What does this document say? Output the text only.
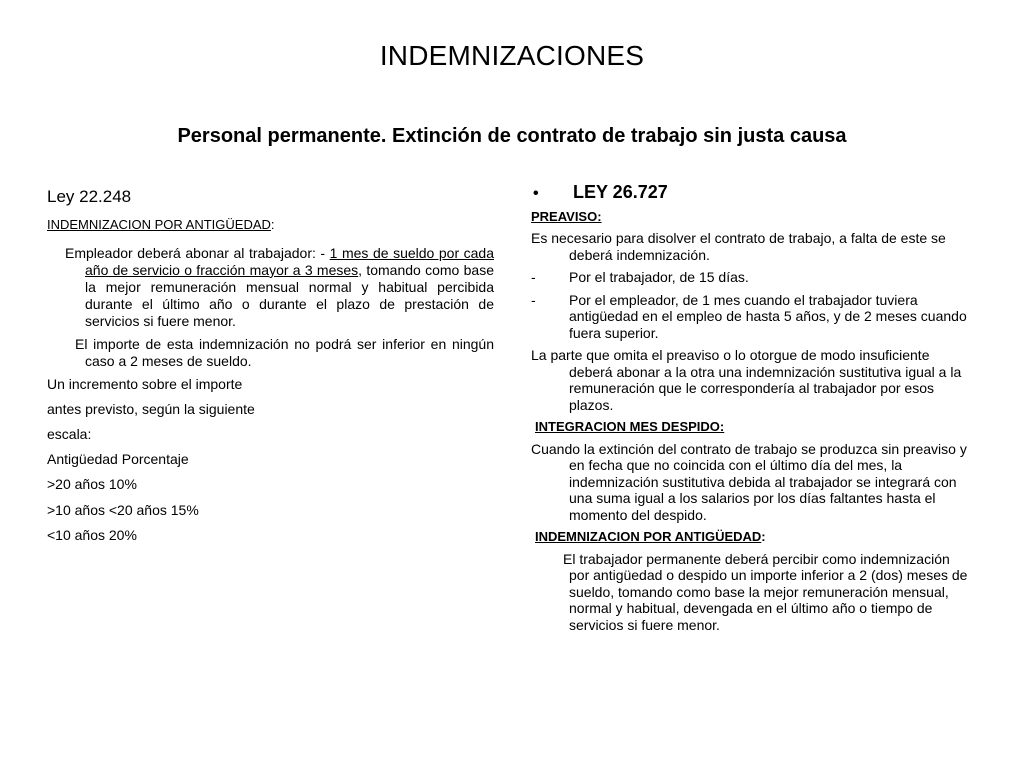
INDEMNIZACIONES
Personal permanente. Extinción de contrato de trabajo sin justa causa

Ley 22.248

INDEMNIZACION POR ANTIGÜEDAD:

Empleador deberá abonar al trabajador: - 1 mes de sueldo por cada año de servicio o fracción mayor a 3 meses, tomando como base la mejor remuneración mensual normal y habitual percibida durante el último año o durante el plazo de prestación de servicios si fuere menor.

El importe de esta indemnización no podrá ser inferior en ningún caso a 2 meses de sueldo.

Un incremento sobre el importe

antes previsto, según la siguiente

escala:

Antigüedad Porcentaje

>20 años 10%

>10 años <20 años 15%

<10 años 20%

•	LEY 26.727

PREAVISO:

Es necesario para disolver el contrato de trabajo, a falta de este se deberá indemnización.

-	Por el trabajador, de 15 días.
-	Por el empleador, de 1 mes cuando el trabajador tuviera antigüedad en el empleo de hasta 5 años, y de 2 meses cuando fuera superior.

La parte que omita el preaviso o lo otorgue de modo insuficiente deberá abonar a la otra una indemnización sustitutiva igual a la remuneración que le correspondería al trabajador por esos plazos.

INTEGRACION MES DESPIDO:

Cuando la extinción del contrato de trabajo se produzca sin preaviso y en fecha que no coincida con el último día del mes, la indemnización sustitutiva debida al trabajador se integrará con una suma igual a los salarios por los días faltantes hasta el momento del despido.

INDEMNIZACION POR ANTIGÜEDAD:

El trabajador permanente deberá percibir como indemnización por antigüedad o despido un importe inferior a 2 (dos) meses de sueldo, tomando como base la mejor remuneración mensual, normal y habitual, devengada en el último año o tiempo de servicios si fuere menor.
